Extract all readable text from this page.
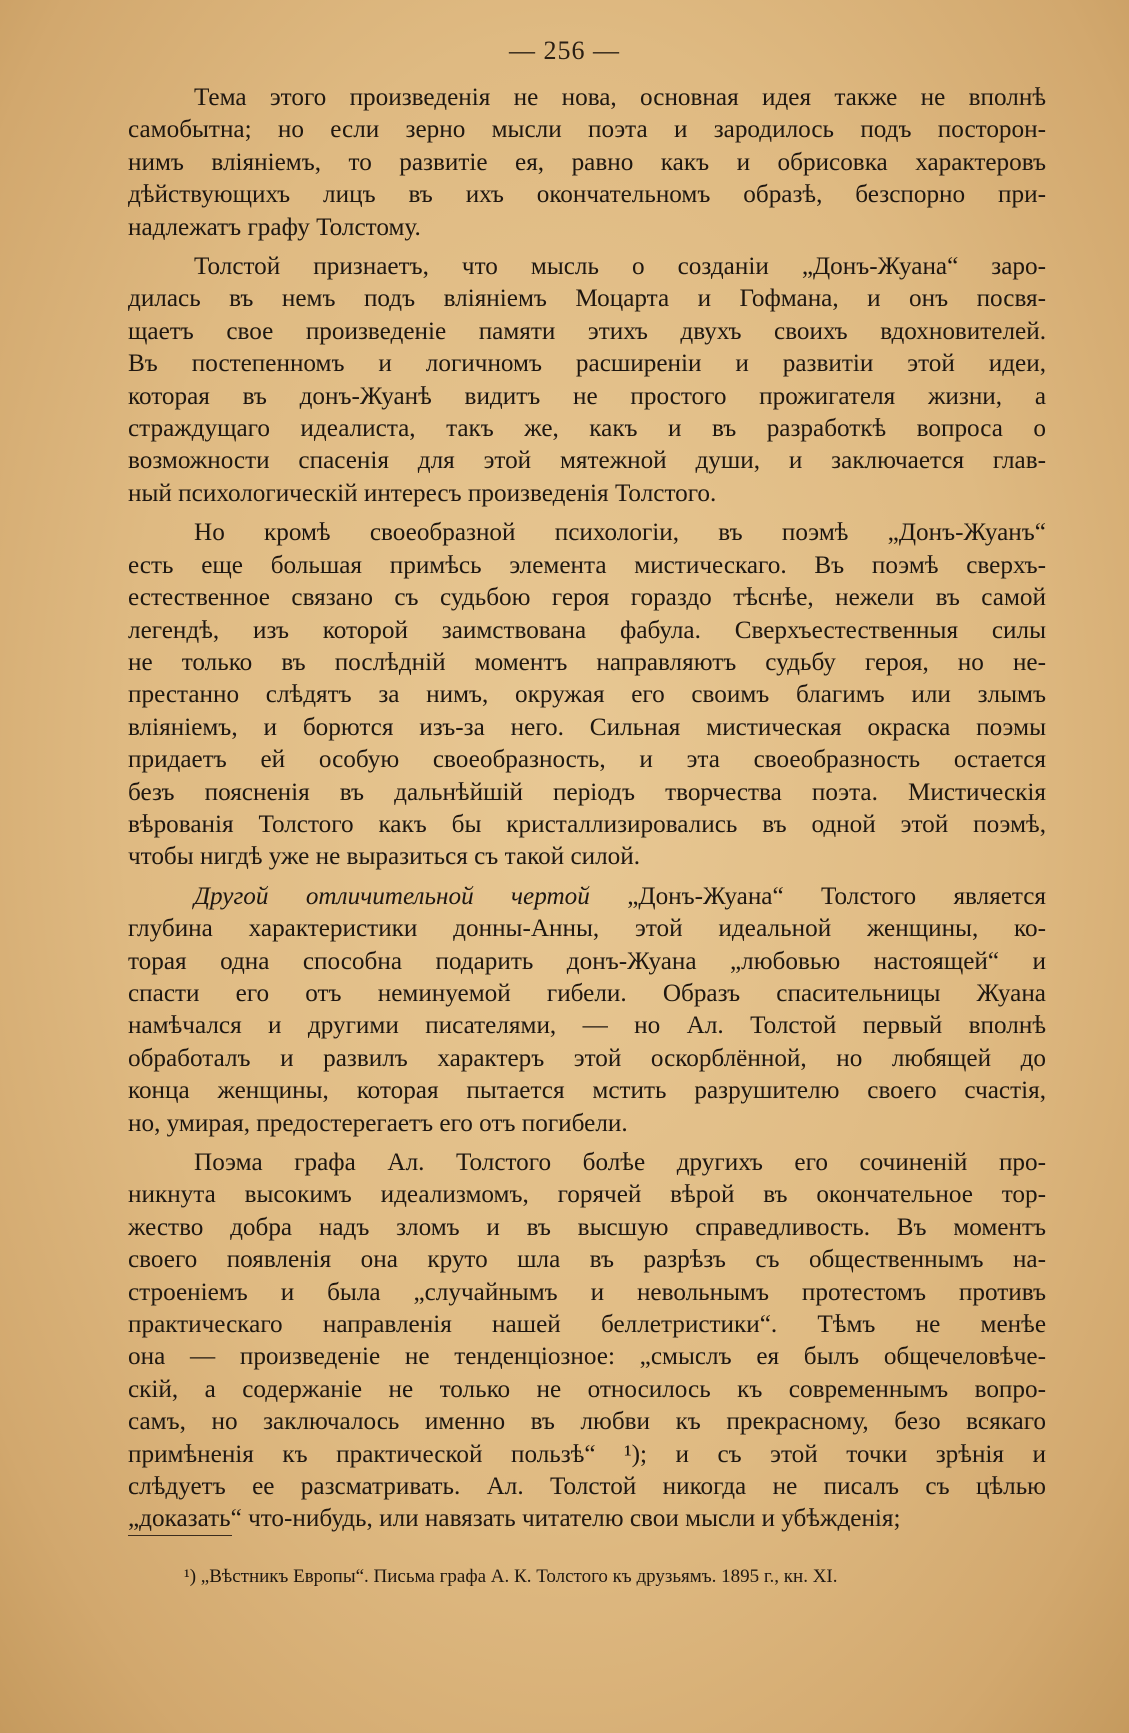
— 256 —

Тема этого произведенія не нова, основная идея также не вполнѣ
самобытна; но если зерно мысли поэта и зародилось подъ посторон-
нимъ вліяніемъ, то развитіе ея, равно какъ и обрисовка характеровъ
дѣйствующихъ лицъ въ ихъ окончательномъ образѣ, безспорно при-
надлежатъ графу Толстому.

Толстой признаетъ, что мысль о созданіи „Донъ-Жуана“ заро-
дилась въ немъ подъ вліяніемъ Моцарта и Гофмана, и онъ посвя-
щаетъ свое произведеніе памяти этихъ двухъ своихъ вдохновителей.
Въ постепенномъ и логичномъ расширеніи и развитіи этой идеи,
которая въ донъ-Жуанѣ видитъ не простого прожигателя жизни, а
страждущаго идеалиста, такъ же, какъ и въ разработкѣ вопроса о
возможности спасенія для этой мятежной души, и заключается глав-
ный психологическій интересъ произведенія Толстого.

Но кромѣ своеобразной психологіи, въ поэмѣ „Донъ-Жуанъ“
есть еще большая примѣсь элемента мистическаго. Въ поэмѣ сверхъ-
естественное связано съ судьбою героя гораздо тѣснѣе, нежели въ самой
легендѣ, изъ которой заимствована фабула. Сверхъестественныя силы
не только въ послѣдній моментъ направляютъ судьбу героя, но не-
престанно слѣдятъ за нимъ, окружая его своимъ благимъ или злымъ
вліяніемъ, и борются изъ-за него. Сильная мистическая окраска поэмы
придаетъ ей особую своеобразность, и эта своеобразность остается
безъ поясненія въ дальнѣйшій періодъ творчества поэта. Мистическія
вѣрованія Толстого какъ бы кристаллизировались въ одной этой поэмѣ,
чтобы нигдѣ уже не выразиться съ такой силой.

Другой отличительной чертой „Донъ-Жуана“ Толстого является
глубина характеристики донны-Анны, этой идеальной женщины, ко-
торая одна способна подарить донъ-Жуана „любовью настоящей“ и
спасти его отъ неминуемой гибели. Образъ спасительницы Жуана
намѣчался и другими писателями, — но Ал. Толстой первый вполнѣ
обработалъ и развилъ характеръ этой оскорблённой, но любящей до
конца женщины, которая пытается мстить разрушителю своего счастія,
но, умирая, предостерегаетъ его отъ погибели.

Поэма графа Ал. Толстого болѣе другихъ его сочиненій про-
никнута высокимъ идеализмомъ, горячей вѣрой въ окончательное тор-
жество добра надъ зломъ и въ высшую справедливость. Въ моментъ
своего появленія она круто шла въ разрѣзъ съ общественнымъ на-
строеніемъ и была „случайнымъ и невольнымъ протестомъ противъ
практическаго направленія нашей беллетристики“. Тѣмъ не менѣе
она — произведеніе не тенденціозное: „смыслъ ея былъ общечеловѣче-
скій, а содержаніе не только не относилось къ современнымъ вопро-
самъ, но заключалось именно въ любви къ прекрасному, безо всякаго
примѣненія къ практической пользѣ“ ¹); и съ этой точки зрѣнія и
слѣдуетъ ее разсматривать. Ал. Толстой никогда не писалъ съ цѣлью
„доказать“ что-нибудь, или навязать читателю свои мысли и убѣжденія;

¹) „Вѣстникъ Европы“. Письма графа А. К. Толстого къ друзьямъ. 1895 г., кн. XI.
